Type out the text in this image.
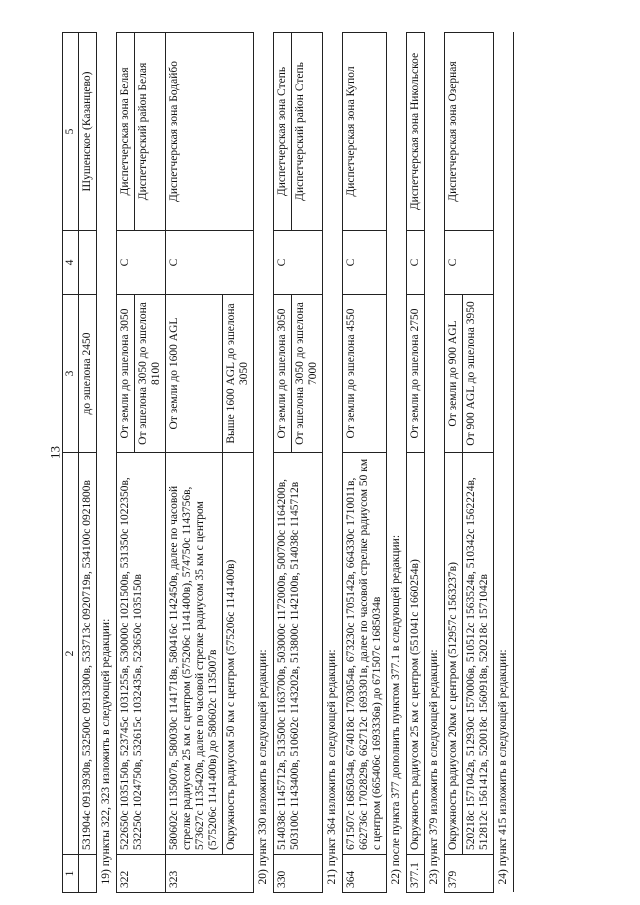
13
1	2	3	4	5
	531904с 0913930в, 532500с 0913300в, 533713с 0920719в, 534100с 0921800в	до эшелона 2450		Шушенское (Казанцево)
19) пункты 322, 323 изложить в следующей редакции:				
322	522650с 1035150в, 523745с 1031255в, 530000с 1021500в, 531350с 1022350в, 532250с 1024750в, 532615с 1032435в, 523650с 1035150в	От земли до эшелона 3050	С	Диспетчерская зона Белая
		От эшелона 3050 до эшелона 8100		Диспетчерский район Белая
323	580602с 1135007в, 580030с 1141718в, 580416с 1142450в, далее по часовой стрелке радиусом 25 км с центром (575206с 1141400в), 574750с 1143756в, 573627с 1135420в, далее по часовой стрелке радиусом 35 км с центром (575206с 1141400в) до 580602с 1135007в	От земли до 1600 AGL	С	Диспетчерская зона Бодайбо
	Окружность радиусом 50 км с центром (575206с 1141400в)	Выше 1600 AGL до эшелона 3050		
20) пункт 330 изложить в следующей редакции:				
330	514038с 1145712в, 513500с 1163700в, 503000с 1172000в, 500700с 1164200в, 503100с 1143400в, 510602с 1143202в, 513800с 1142100в, 514038с 1145712в	От земли до эшелона 3050	С	Диспетчерская зона Степь
		От эшелона 3050 до эшелона 7000		Диспетчерский район Степь
21) пункт 364 изложить в следующей редакции:				
364	671507с 1685034в, 674018с 1703054в, 673230с 1705142в, 664330с 1710011в, 662736с 1702829в, 662712с 1693301в, далее по часовой стрелке радиусом 50 км с центром (665406с 1693336в) до 671507с 1685034в	От земли до эшелона 4550	С	Диспетчерская зона Купол
22) после пункта 377 дополнить пунктом 377.1 в следующей редакции:				
377.1	Окружность радиусом 25 км с центром (551041с 1660254в)	От земли до эшелона 2750	С	Диспетчерская зона Никольское
23) пункт 379 изложить в следующей редакции:				
379	Окружность радиусом 20км с центром (512957с 1563237в)	От земли до 900 AGL	С	Диспетчерская зона Озерная
	520218с 1571042в, 512930с 1570006в, 510512с 1563524в, 510342с 1562224в, 512812с 1561412в, 520018с 1560918в, 520218с 1571042в	От 900 AGL до эшелона 3950		
24) пункт 415 изложить в следующей редакции:				
